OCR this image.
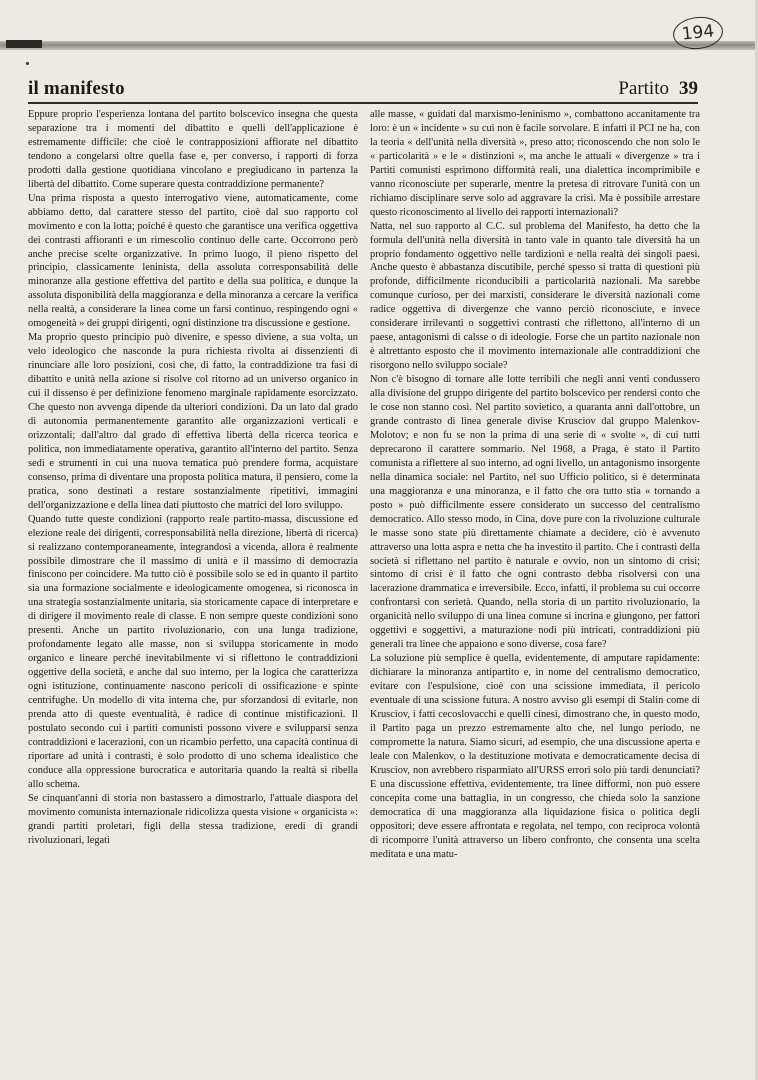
194
il manifesto	Partito 39

Eppure proprio l'esperienza lontana del partito bolscevico insegna che questa separazione tra i momenti del dibattito e quelli dell'applicazione è estremamente difficile: che cioè le contrapposizioni affiorate nel dibattito tendono a congelarsi oltre quella fase e, per converso, i rapporti di forza prodotti dalla gestione quotidiana vincolano e pregiudicano in partenza la libertà del dibattito. Come superare questa contraddizione permanente?

Una prima risposta a questo interrogativo viene, automaticamente, come abbiamo detto, dal carattere stesso del partito, cioè dal suo rapporto col movimento e con la lotta; poiché è questo che garantisce una verifica oggettiva dei contrasti affioranti e un rimescolio continuo delle carte. Occorrono però anche precise scelte organizzative. In primo luogo, il pieno rispetto del principio, classicamente leninista, della assoluta corresponsabilità delle minoranze alla gestione effettiva del partito e della sua politica, e dunque la assoluta disponibilità della maggioranza e della minoranza a cercare la verifica nella realtà, a considerare la linea come un farsi continuo, respingendo ogni « omogeneità » dei gruppi dirigenti, ogni distinzione tra discussione e gestione.

Ma proprio questo principio può divenire, e spesso diviene, a sua volta, un velo ideologico che nasconde la pura richiesta rivolta ai dissenzienti di rinunciare alle loro posizioni, così che, di fatto, la contraddizione tra fasi di dibattito e unità nella azione si risolve col ritorno ad un universo organico in cui il dissenso è per definizione fenomeno marginale rapidamente esorcizzato. Che questo non avvenga dipende da ulteriori condizioni. Da un lato dal grado di autonomia permanentemente garantito alle organizzazioni verticali e orizzontali; dall'altro dal grado di effettiva libertà della ricerca teorica e politica, non immediatamente operativa, garantito all'interno del partito. Senza sedi e strumenti in cui una nuova tematica può prendere forma, acquistare consenso, prima di diventare una proposta politica matura, il pensiero, come la pratica, sono destinati a restare sostanzialmente ripetitivi, immagini dell'organizzazione e della linea dati piuttosto che matrici del loro sviluppo.

Quando tutte queste condizioni (rapporto reale partito-massa, discussione ed elezione reale dei dirigenti, corresponsabilità nella direzione, libertà di ricerca) si realizzano contemporaneamente, integrandosi a vicenda, allora è realmente possibile dimostrare che il massimo di unità e il massimo di democrazia finiscono per coincidere. Ma tutto ciò è possibile solo se ed in quanto il partito sia una formazione socialmente e ideologicamente omogenea, si riconosca in una strategia sostanzialmente unitaria, sia storicamente capace di interpretare e di dirigere il movimento reale di classe. E non sempre queste condizioni sono presenti. Anche un partito rivoluzionario, con una lunga tradizione, profondamente legato alle masse, non si sviluppa storicamente in modo organico e lineare perché inevitabilmente vi si riflettono le contraddizioni oggettive della società, e anche dal suo interno, per la logica che caratterizza ogni istituzione, continuamente nascono pericoli di ossificazione e spinte centrifughe. Un modello di vita interna che, pur sforzandosi di evitarle, non prenda atto di queste eventualità, è radice di continue mistificazioni. Il postulato secondo cui i partiti comunisti possono vivere e svilupparsi senza contraddizioni e lacerazioni, con un ricambio perfetto, una capacità continua di riportare ad unità i contrasti, è solo prodotto di uno schema idealistico che conduce alla oppressione burocratica e autoritaria quando la realtà si ribella allo schema.

Se cinquant'anni di storia non bastassero a dimostrarlo, l'attuale diaspora del movimento comunista internazionale ridicolizza questa visione « organicista »: grandi partiti proletari, figli della stessa tradizione, eredi di grandi rivoluzionari, legati

alle masse, « guidati dal marxismo-leninismo », combattono accanitamente tra loro: è un « incidente » su cui non è facile sorvolare. E infatti il PCI ne ha, con la teoria « dell'unità nella diversità », preso atto; riconoscendo che non solo le « particolarità » e le « distinzioni », ma anche le attuali « divergenze » tra i Partiti comunisti esprimono difformità reali, una dialettica incomprimibile e vanno riconosciute per superarle, mentre la pretesa di ritrovare l'unità con un richiamo disciplinare serve solo ad aggravare la crisi. Ma è possibile arrestare questo riconoscimento al livello dei rapporti internazionali?

Natta, nel suo rapporto al C.C. sul problema del Manifesto, ha detto che la formula dell'unità nella diversità in tanto vale in quanto tale diversità ha un proprio fondamento oggettivo nelle tardizioni e nella realtà dei singoli paesi. Anche questo è abbastanza discutibile, perché spesso si tratta di questioni più profonde, difficilmente riconducibili a particolarità nazionali. Ma sarebbe comunque curioso, per dei marxisti, considerare le diversità nazionali come radice oggettiva di divergenze che vanno perciò riconosciute, e invece considerare irrilevanti o soggettivi contrasti che riflettono, all'interno di un paese, antagonismi di calsse o di ideologie. Forse che un partito nazionale non è altrettanto esposto che il movimento internazionale alle contraddizioni che risorgono nello sviluppo sociale?

Non c'è bisogno di tornare alle lotte terribili che negli anni venti condussero alla divisione del gruppo dirigente del partito bolscevico per rendersi conto che le cose non stanno così. Nel partito sovietico, a quaranta anni dall'ottobre, un grande contrasto di linea generale divise Krusciov dal gruppo Malenkov-Molotov; e non fu se non la prima di una serie di « svolte », di cui tutti deprecarono il carattere sommario. Nel 1968, a Praga, è stato il Partito comunista a riflettere al suo interno, ad ogni livello, un antagonismo insorgente nella dinamica sociale: nel Partito, nel suo Ufficio politico, si è determinata una maggioranza e una minoranza, e il fatto che ora tutto stia « tornando a posto » può difficilmente essere considerato un successo del centralismo democratico. Allo stesso modo, in Cina, dove pure con la rivoluzione culturale le masse sono state più direttamente chiamate a decidere, ciò è avvenuto attraverso una lotta aspra e netta che ha investito il partito. Che i contrasti della società si riflettano nel partito è naturale e ovvio, non un sintomo di crisi; sintomo di crisi è il fatto che ogni contrasto debba risolversi con una lacerazione drammatica e irreversibile. Ecco, infatti, il problema su cui occorre confrontarsi con serietà. Quando, nella storia di un partito rivoluzionario, la organicità nello sviluppo di una linea comune si incrina e giungono, per fattori oggettivi e soggettivi, a maturazione nodi più intricati, contraddizioni più generali tra linee che appaiono e sono diverse, cosa fare?

La soluzione più semplice è quella, evidentemente, di amputare rapidamente: dichiarare la minoranza antipartito e, in nome del centralismo democratico, evitare con l'espulsione, cioè con una scissione immediata, il pericolo eventuale di una scissione futura. A nostro avviso gli esempi di Stalin come di Krusciov, i fatti cecoslovacchi e quelli cinesi, dimostrano che, in questo modo, il Partito paga un prezzo estremamente alto che, nel lungo periodo, ne compromette la natura. Siamo sicuri, ad esempio, che una discussione aperta e leale con Malenkov, o la destituzione motivata e democraticamente decisa di Krusciov, non avrebbero risparmiato all'URSS errori solo più tardi denunciati? E una discussione effettiva, evidentemente, tra linee difformi, non può essere concepita come una battaglia, in un congresso, che chieda solo la sanzione democratica di una maggioranza alla liquidazione fisica o politica degli oppositori; deve essere affrontata e regolata, nel tempo, con reciproca volontà di ricomporre l'unità attraverso un libero confronto, che consenta una scelta meditata e una matu-
